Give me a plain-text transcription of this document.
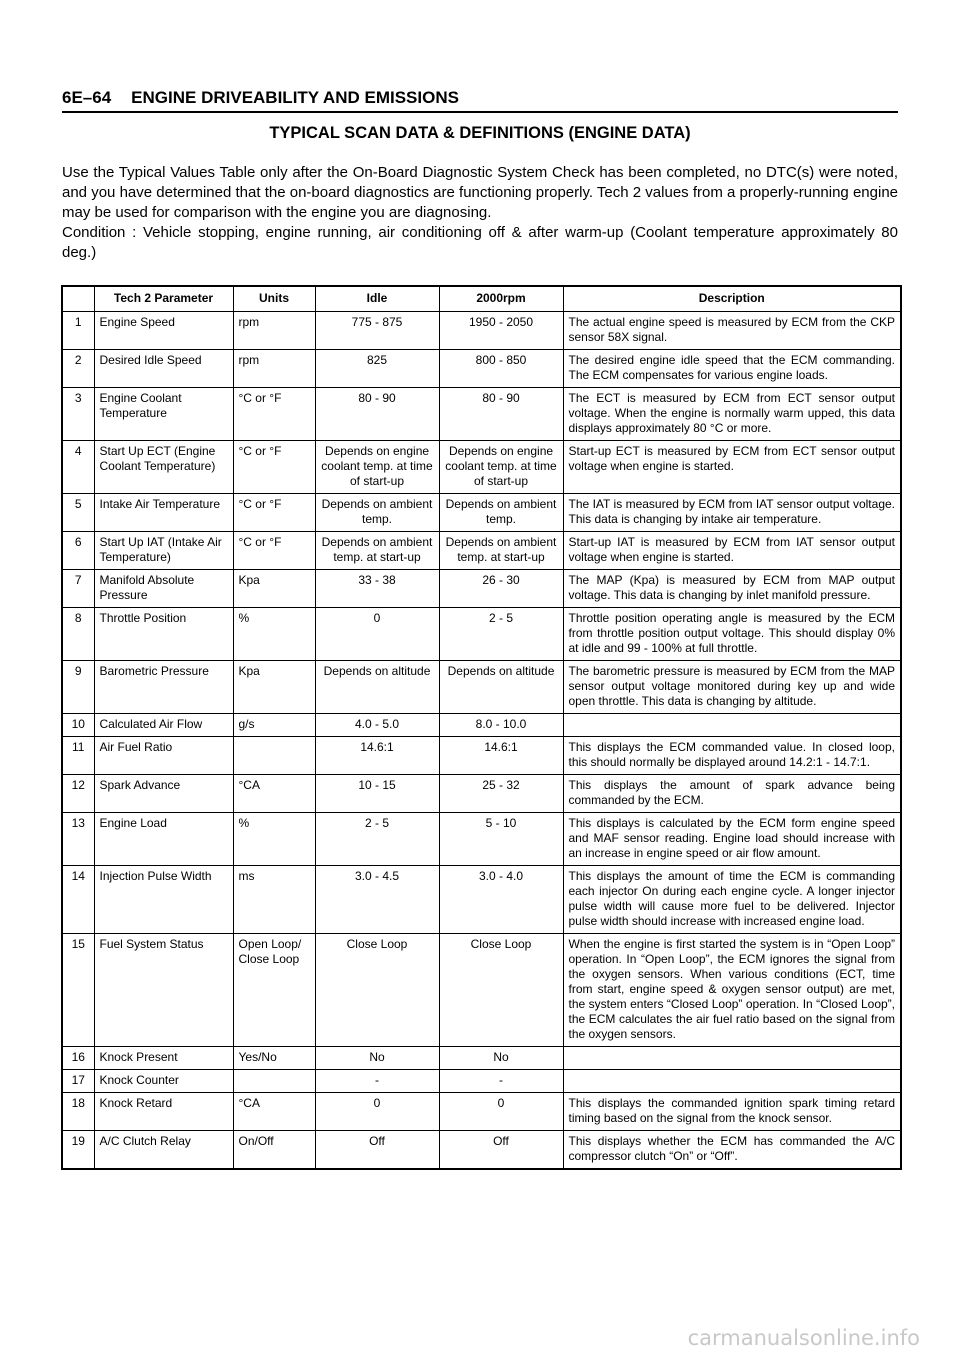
6E–64 ENGINE DRIVEABILITY AND EMISSIONS
TYPICAL SCAN DATA & DEFINITIONS (ENGINE DATA)

Use the Typical Values Table only after the On-Board Diagnostic System Check has been completed, no DTC(s) were noted, and you have determined that the on-board diagnostics are functioning properly. Tech 2 values from a properly-running engine may be used for comparison with the engine you are diagnosing.

Condition : Vehicle stopping, engine running, air conditioning off & after warm-up (Coolant temperature approximately 80 deg.)

	Tech 2 Parameter	Units	Idle	2000rpm	Description
1	Engine Speed	rpm	775 - 875	1950 - 2050	The actual engine speed is measured by ECM from the CKP sensor 58X signal.
2	Desired Idle Speed	rpm	825	800 - 850	The desired engine idle speed that the ECM commanding. The ECM compensates for various engine loads.
3	Engine Coolant Temperature	°C or °F	80 - 90	80 - 90	The ECT is measured by ECM from ECT sensor output voltage. When the engine is normally warm upped, this data displays approximately 80 °C or more.
4	Start Up ECT (Engine Coolant Temperature)	°C or °F	Depends on engine coolant temp. at time of start-up	Depends on engine coolant temp. at time of start-up	Start-up ECT is measured by ECM from ECT sensor output voltage when engine is started.
5	Intake Air Temperature	°C or °F	Depends on ambient temp.	Depends on ambient temp.	The IAT is measured by ECM from IAT sensor output voltage. This data is changing by intake air temperature.
6	Start Up IAT (Intake Air Temperature)	°C or °F	Depends on ambient temp. at start-up	Depends on ambient temp. at start-up	Start-up IAT is measured by ECM from IAT sensor output voltage when engine is started.
7	Manifold Absolute Pressure	Kpa	33 - 38	26 - 30	The MAP (Kpa) is measured by ECM from MAP output voltage. This data is changing by inlet manifold pressure.
8	Throttle Position	%	0	2 - 5	Throttle position operating angle is measured by the ECM from throttle position output voltage. This should display 0% at idle and 99 - 100% at full throttle.
9	Barometric Pressure	Kpa	Depends on altitude	Depends on altitude	The barometric pressure is measured by ECM from the MAP sensor output voltage monitored during key up and wide open throttle. This data is changing by altitude.
10	Calculated Air Flow	g/s	4.0 - 5.0	8.0 - 10.0	
11	Air Fuel Ratio		14.6:1	14.6:1	This displays the ECM commanded value. In closed loop, this should normally be displayed around 14.2:1 - 14.7:1.
12	Spark Advance	°CA	10 - 15	25 - 32	This displays the amount of spark advance being commanded by the ECM.
13	Engine Load	%	2 - 5	5 - 10	This displays is calculated by the ECM form engine speed and MAF sensor reading. Engine load should increase with an increase in engine speed or air flow amount.
14	Injection Pulse Width	ms	3.0 - 4.5	3.0 - 4.0	This displays the amount of time the ECM is commanding each injector On during each engine cycle. A longer injector pulse width will cause more fuel to be delivered. Injector pulse width should increase with increased engine load.
15	Fuel System Status	Open Loop/ Close Loop	Close Loop	Close Loop	When the engine is first started the system is in “Open Loop” operation. In “Open Loop”, the ECM ignores the signal from the oxygen sensors. When various conditions (ECT, time from start, engine speed & oxygen sensor output) are met, the system enters “Closed Loop” operation. In “Closed Loop”, the ECM calculates the air fuel ratio based on the signal from the oxygen sensors.
16	Knock Present	Yes/No	No	No	
17	Knock Counter		-	-	
18	Knock Retard	°CA	0	0	This displays the commanded ignition spark timing retard timing based on the signal from the knock sensor.
19	A/C Clutch Relay	On/Off	Off	Off	This displays whether the ECM has commanded the A/C compressor clutch “On” or “Off”.
carmanualsonline.info
